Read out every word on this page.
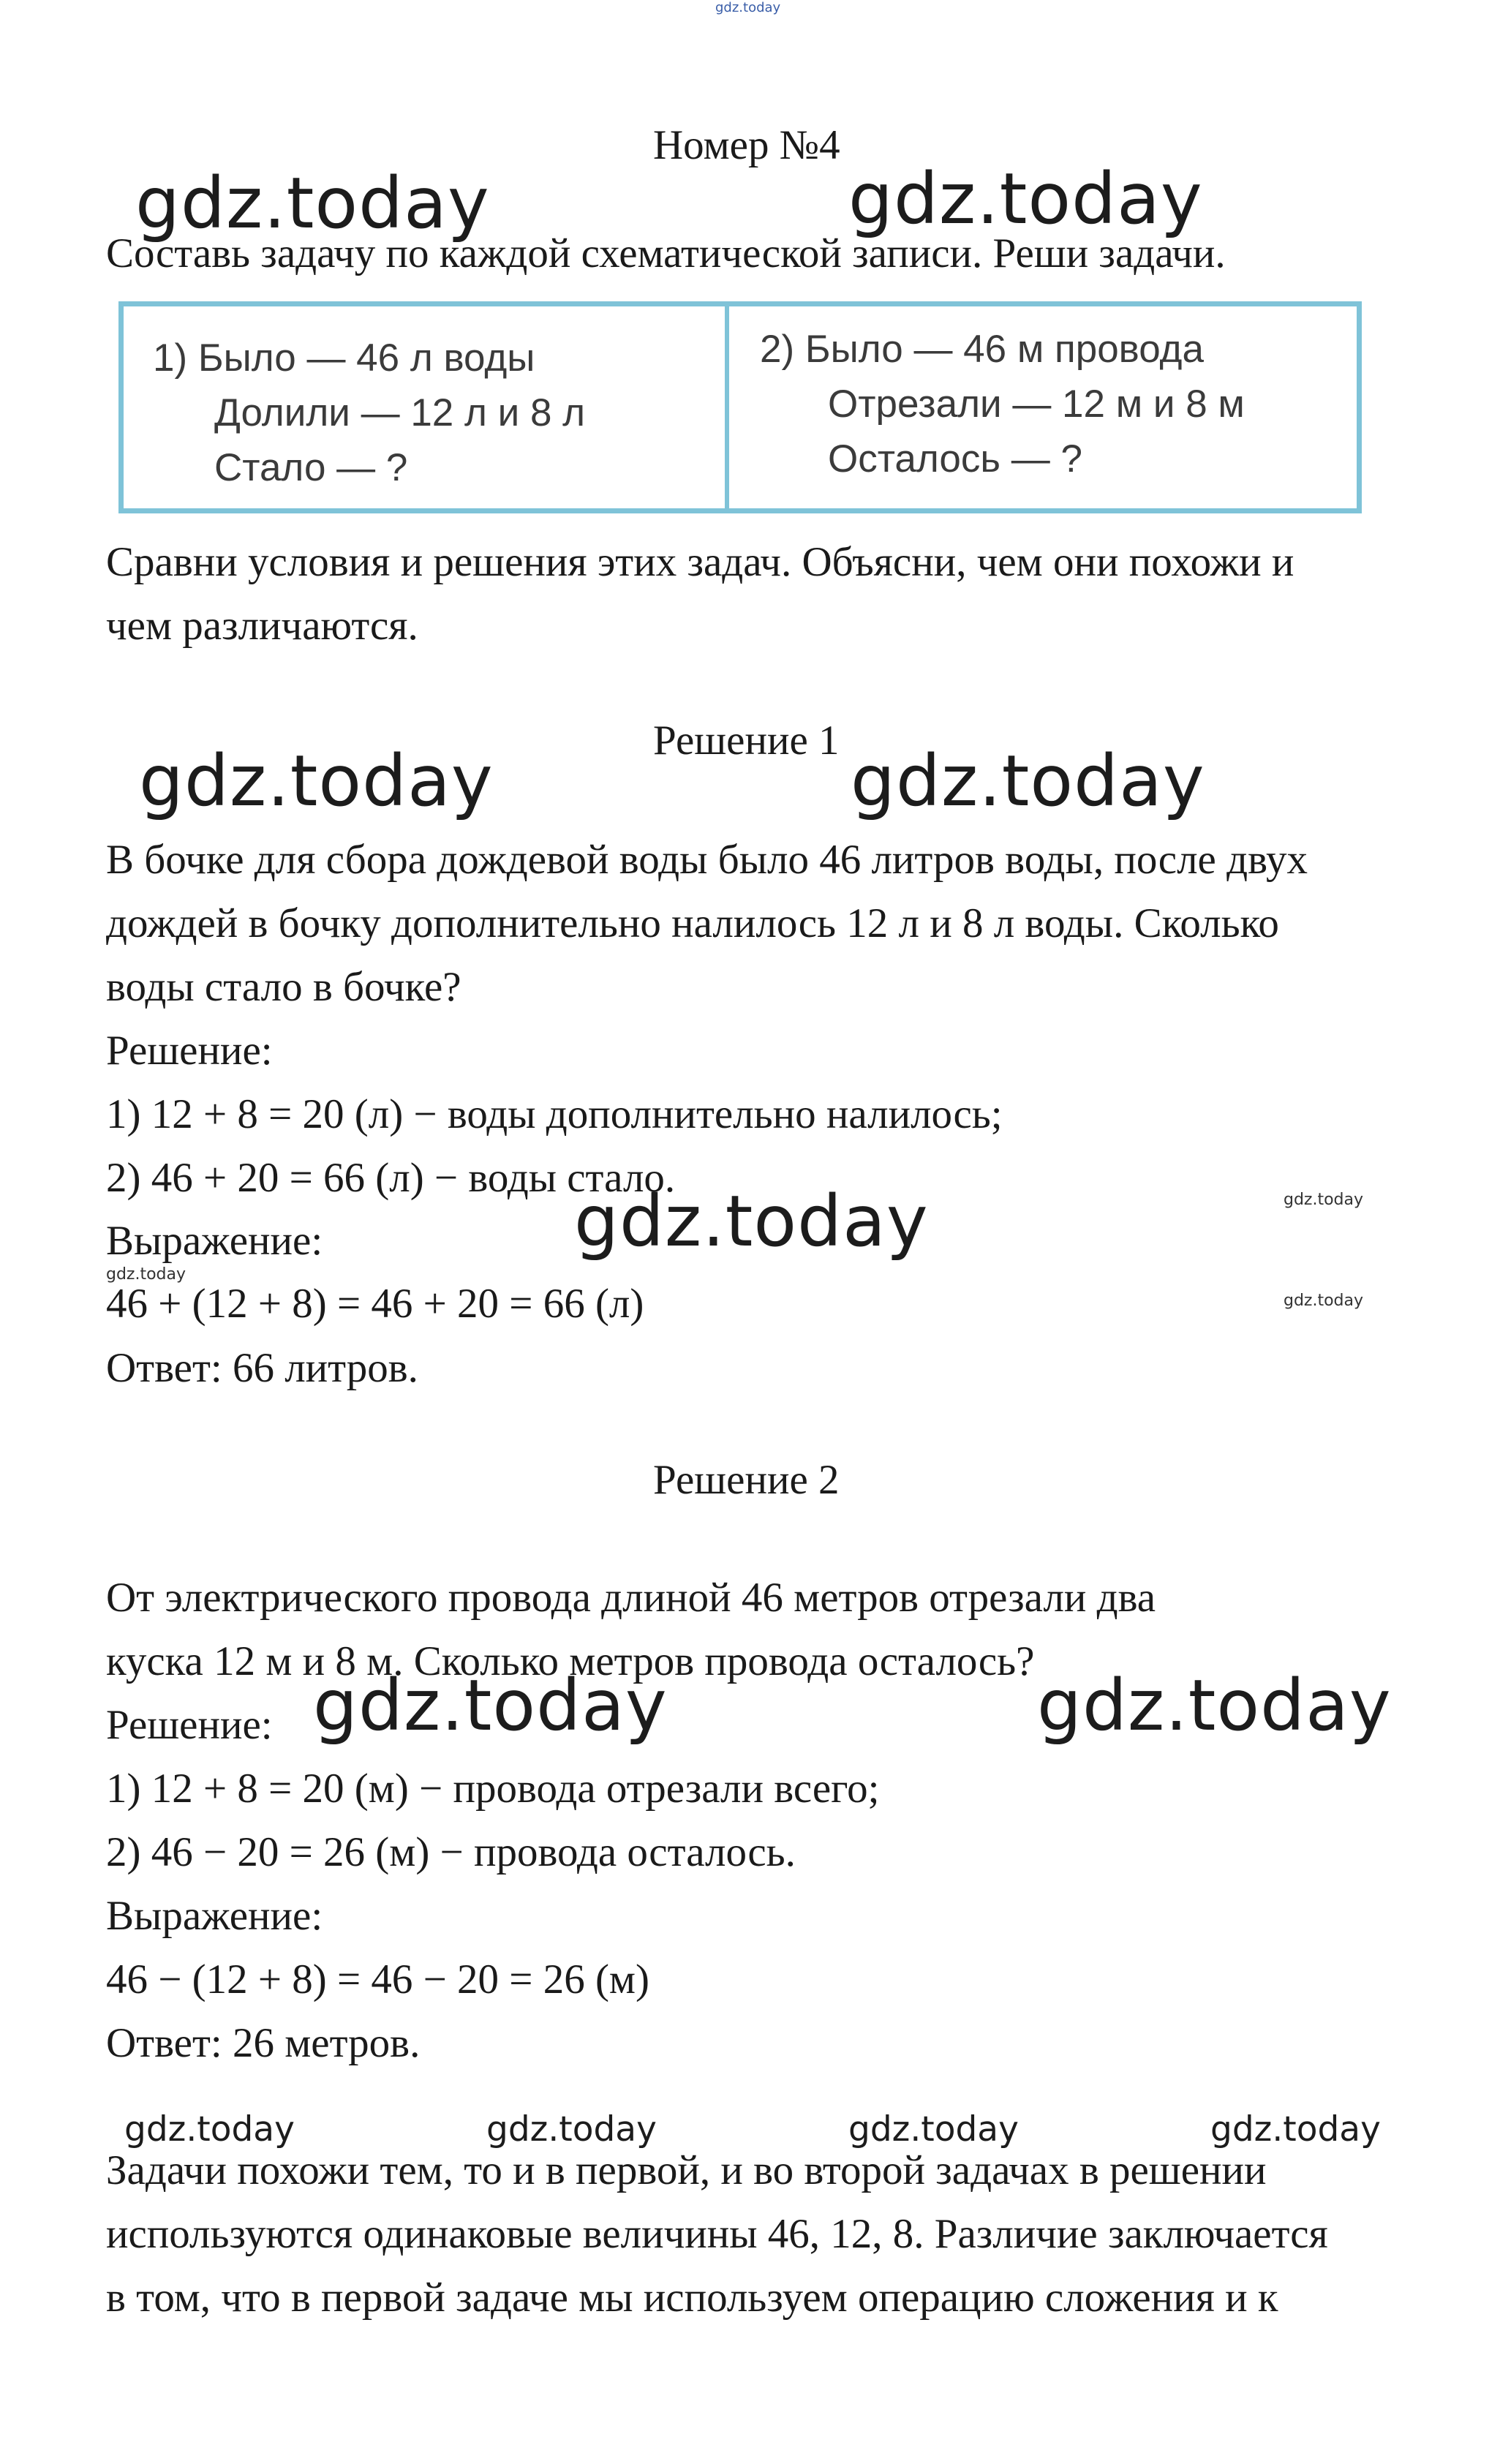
gdz.today
Номер №4
gdz.today	gdz.today
Составь задачу по каждой схематической записи. Реши задачи.
1) Было — 46 л воды
Долили — 12 л и 8 л
Стало — ?
2) Было — 46 м провода
Отрезали — 12 м и 8 м
Осталось — ?
Сравни условия и решения этих задач. Объясни, чем они похожи и
чем различаются.
Решение 1
gdz.today	gdz.today
В бочке для сбора дождевой воды было 46 литров воды, после двух
дождей в бочку дополнительно налилось 12 л и 8 л воды. Сколько
воды стало в бочке?
Решение:
1) 12 + 8 = 20 (л) − воды дополнительно налилось;
2) 46 + 20 = 66 (л) − воды стало.
gdz.today	gdz.today
Выражение:
gdz.today
46 + (12 + 8) = 46 + 20 = 66 (л)	gdz.today
Ответ: 66 литров.
Решение 2
От электрического провода длиной 46 метров отрезали два
куска 12 м и 8 м. Сколько метров провода осталось?
gdz.today	gdz.today
Решение:
1) 12 + 8 = 20 (м) − провода отрезали всего;
2) 46 − 20 = 26 (м) − провода осталось.
Выражение:
46 − (12 + 8) = 46 − 20 = 26 (м)
Ответ: 26 метров.
gdz.today	gdz.today	gdz.today	gdz.today
Задачи похожи тем, то и в первой, и во второй задачах в решении
используются одинаковые величины 46, 12, 8. Различие заключается
в том, что в первой задаче мы используем операцию сложения и к
